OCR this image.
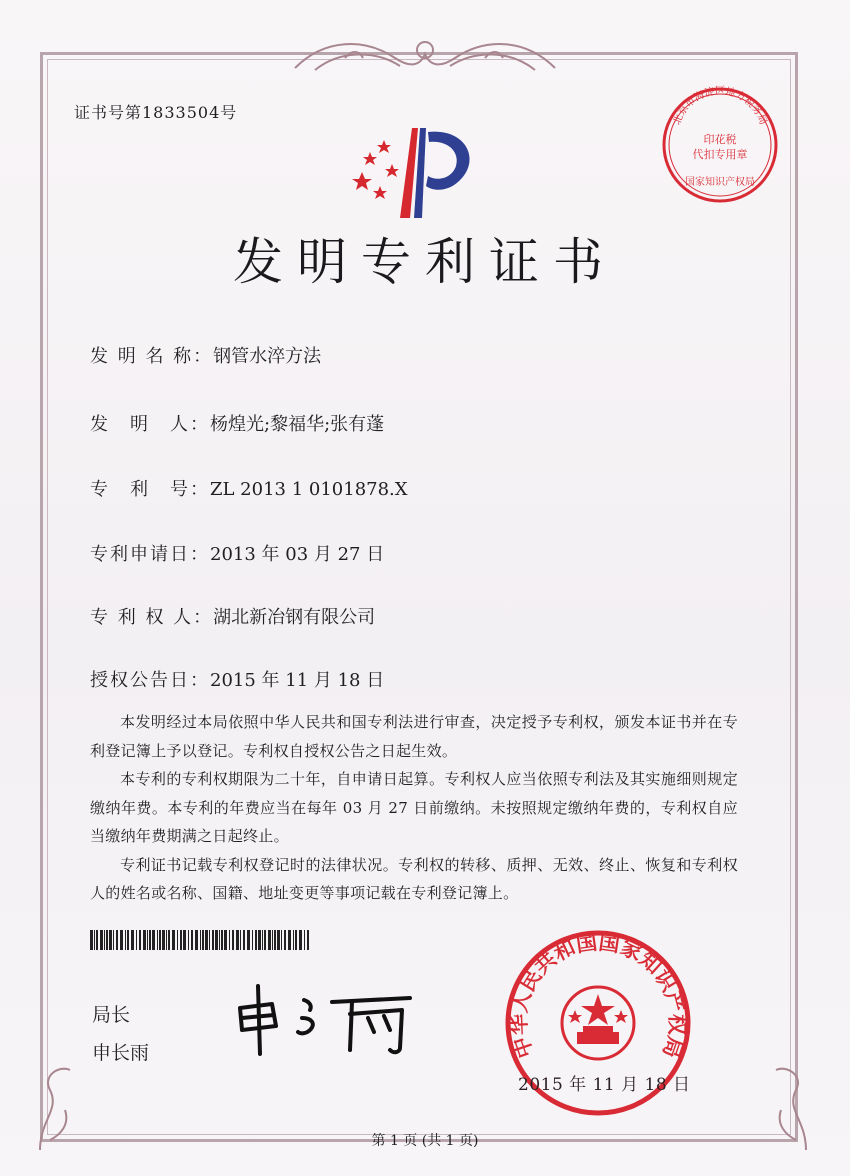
证书号第1833504号
发明专利证书
发 明 名 称：钢管水淬方法
发　明　人：杨煌光;黎福华;张有蓬
专　利　号：ZL 2013 1 0101878.X
专利申请日：2013 年 03 月 27 日
专 利 权 人：湖北新冶钢有限公司
授权公告日：2015 年 11 月 18 日

本发明经过本局依照中华人民共和国专利法进行审查，决定授予专利权，颁发本证书并在专利登记簿上予以登记。专利权自授权公告之日起生效。

本专利的专利权期限为二十年，自申请日起算。专利权人应当依照专利法及其实施细则规定缴纳年费。本专利的年费应当在每年 03 月 27 日前缴纳。未按照规定缴纳年费的，专利权自应当缴纳年费期满之日起终止。

专利证书记载专利权登记时的法律状况。专利权的转移、质押、无效、终止、恢复和专利权人的姓名或名称、国籍、地址变更等事项记载在专利登记簿上。

局长
申长雨
北京市海淀区地方税务局
印花税
代扣专用章
国家知识产权局
中华人民共和国国家知识产权局
2015 年 11 月 18 日
第 1 页 (共 1 页)
